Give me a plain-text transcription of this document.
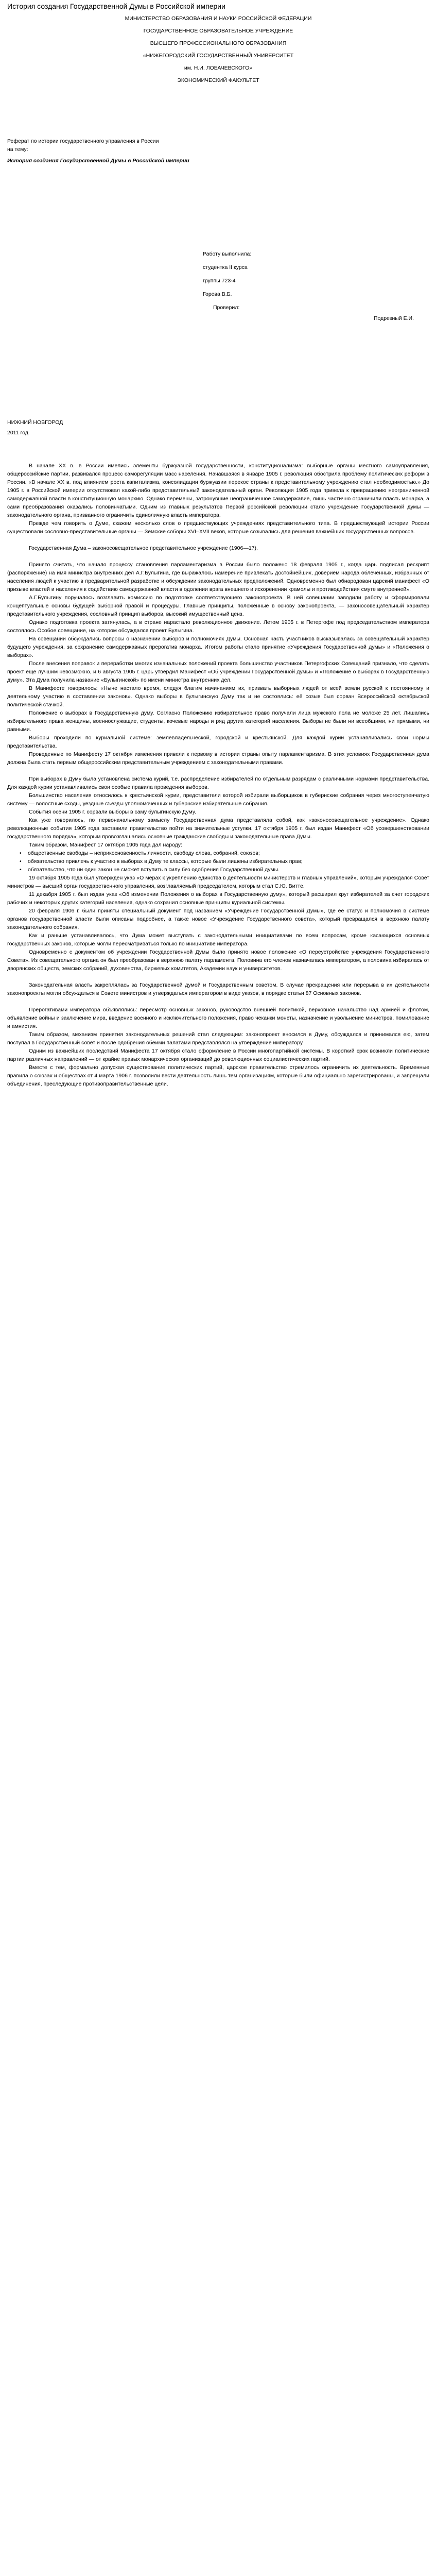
История создания Государственной Думы в Российской империи
МИНИСТЕРСТВО ОБРАЗОВАНИЯ И НАУКИ РОССИЙСКОЙ ФЕДЕРАЦИИ
ГОСУДАРСТВЕННОЕ ОБРАЗОВАТЕЛЬНОЕ УЧРЕЖДЕНИЕ
ВЫСШЕГО ПРОФЕССИОНАЛЬНОГО ОБРАЗОВАНИЯ
«НИЖЕГОРОДСКИЙ ГОСУДАРСТВЕННЫЙ УНИВЕРСИТЕТ
им. Н.И. ЛОБАЧЕВСКОГО»
ЭКОНОМИЧЕСКИЙ ФАКУЛЬТЕТ
Реферат по истории государственного управления в России
на тему:
История создания Государственной Думы в Российской империи
Работу выполнила:
студентка II курса
группы 723-4
Горева В.Б.
Проверил:
Подрезный Е.И.
НИЖНИЙ НОВГОРОД
2011 год

В начале XX в. в России имелись элементы буржуазной государственности, конституционализма: выборные органы местного самоуправления, общероссийские партии, развивался процесс саморегуляции масс населения. Начавшаяся в январе 1905 г. революция обострила проблему политических реформ в России. «В начале XX в. под влиянием роста капитализма, консолидации буржуазии перекос страны к представительному учреждению стал необходимостью.» До 1905 г. в Российской империи отсутствовал какой-либо представительный законодательный орган. Революция 1905 года привела к превращению неограниченной самодержавной власти в конституционную монархию. Однако перемены, затронувшие неограниченное самодержавие, лишь частично ограничили власть монарха, а сами преобразования оказались половинчатыми. Одним из главных результатов Первой российской революции стало учреждение Государственной думы — законодательного органа, призванного ограничить единоличную власть императора.

Прежде чем говорить о Думе, скажем несколько слов о предшествующих учреждениях представительного типа. В предшествующей истории России существовали сословно-представительные органы — Земские соборы XVI–XVII веков, которые созывались для решения важнейших государственных вопросов.

Государственная Дума – законосовещательное представительное учреждение (1906—17).

Принято считать, что начало процессу становления парламентаризма в России было положено 18 февраля 1905 г., когда царь подписал рескрипт (распоряжение) на имя министра внутренних дел А.Г.Булыгина, где выражалось намерение привлекать достойнейших, доверием народа облеченных, избранных от населения людей к участию в предварительной разработке и обсуждении законодательных предположений. Одновременно был обнародован царский манифест «О призыве властей и населения к содействию самодержавной власти в одолении врага внешнего и искоренении крамолы и противодействия смуте внутренней».

А.Г.Булыгину поручалось возглавить комиссию по подготовке соответствующего законопроекта. В ней совещании заводили работу и сформировали концептуальные основы будущей выборной правой и процедуры. Главные принципы, положенные в основу законопроекта, — законосовещательный характер представительного учреждения, сословный принцип выборов, высокий имущественный ценз.

Однако подготовка проекта затянулась, а в стране нарастало революционное движение. Летом 1905 г. в Петергофе под председательством императора состоялось Особое совещание, на котором обсуждался проект Булыгина.

На совещании обсуждались вопросы о назначении выборов и полномочиях Думы. Основная часть участников высказывалась за совещательный характер будущего учреждения, за сохранение самодержавных прерогатив монарха. Итогом работы стало принятие «Учреждения Государственной думы» и «Положения о выборах».

После внесения поправок и переработки многих изначальных положений проекта большинство участников Петергофских Совещаний признало, что сделать проект еще лучшим невозможно, и 6 августа 1905 г. царь утвердил Манифест «Об учреждении Государственной думы» и «Положение о выборах в Государственную думу». Эта Дума получила название «Булыгинской» по имени министра внутренних дел.

В Манифесте говорилось: «Ныне настало время, следуя благим начинаниям их, призвать выборных людей от всей земли русской к постоянному и деятельному участию в составлении законов». Однако выборы в булыгинскую Думу так и не состоялись: её созыв был сорван Всероссийской октябрьской политической стачкой.

Положение о выборах в Государственную думу. Согласно Положению избирательное право получали лица мужского пола не моложе 25 лет. Лишались избирательного права женщины, военнослужащие, студенты, кочевые народы и ряд других категорий населения. Выборы не были ни всеобщими, ни прямыми, ни равными.

Выборы проходили по куриальной системе: землевладельческой, городской и крестьянской. Для каждой курии устанавливались свои нормы представительства.

Проведенные по Манифесту 17 октября изменения привели к первому в истории страны опыту парламентаризма. В этих условиях Государственная дума должна была стать первым общероссийским представительным учреждением с законодательными правами.

При выборах в Думу была установлена система курий, т.е. распределение избирателей по отдельным разрядам с различными нормами представительства. Для каждой курии устанавливались свои особые правила проведения выборов.

Большинство населения относилось к крестьянской курии, представители которой избирали выборщиков в губернские собрания через многоступенчатую систему — волостные сходы, уездные съезды уполномоченных и губернские избирательные собрания.

События осени 1905 г. сорвали выборы в саму булыгинскую Думу.

Как уже говорилось, по первоначальному замыслу Государственная дума представляла собой, как «законосовещательное учреждение». Однако революционные события 1905 года заставили правительство пойти на значительные уступки. 17 октября 1905 г. был издан Манифест «Об усовершенствовании государственного порядка», которым провозглашались основные гражданские свободы и законодательные права Думы.

Таким образом, Манифест 17 октября 1905 года дал народу:

• общественные свободы – неприкосновенность личности, свободу слова, собраний, союзов;
• обязательство привлечь к участию в выборах в Думу те классы, которые были лишены избирательных прав;
• обязательство, что ни один закон не сможет вступить в силу без одобрения Государственной думы.

19 октября 1905 года был утвержден указ «О мерах к укреплению единства в деятельности министерств и главных управлений», которым учреждался Совет министров — высший орган государственного управления, возглавляемый председателем, которым стал С.Ю. Витте.

11 декабря 1905 г. был издан указ «Об изменении Положения о выборах в Государственную думу», который расширил круг избирателей за счет городских рабочих и некоторых других категорий населения, однако сохранил основные принципы куриальной системы.

20 февраля 1906 г. были приняты специальный документ под названием «Учреждение Государственной Думы», где ее статус и полномочия в системе органов государственной власти были описаны подробнее, а также новое «Учреждение Государственного совета», который превращался в верхнюю палату законодательного собрания.

Как и раньше устанавливалось, что Дума может выступать с законодательными инициативами по всем вопросам, кроме касающихся основных государственных законов, которые могли пересматриваться только по инициативе императора.

Одновременно с документом об учреждении Государственной Думы было принято новое положение «О переустройстве учреждения Государственного Совета». Из совещательного органа он был преобразован в верхнюю палату парламента. Половина его членов назначалась императором, а половина избиралась от дворянских обществ, земских собраний, духовенства, биржевых комитетов, Академии наук и университетов.

Законодательная власть закреплялась за Государственной думой и Государственным советом. В случае прекращения или перерыва в их деятельности законопроекты могли обсуждаться в Совете министров и утверждаться императором в виде указов, в порядке статьи 87 Основных законов.

Прерогативами императора объявлялись: пересмотр основных законов, руководство внешней политикой, верховное начальство над армией и флотом, объявление войны и заключение мира, введение военного и исключительного положения, право чеканки монеты, назначение и увольнение министров, помилование и амнистия.

Таким образом, механизм принятия законодательных решений стал следующим: законопроект вносился в Думу, обсуждался и принимался ею, затем поступал в Государственный совет и после одобрения обеими палатами представлялся на утверждение императору.

Одним из важнейших последствий Манифеста 17 октября стало оформление в России многопартийной системы. В короткий срок возникли политические партии различных направлений — от крайне правых монархических организаций до революционных социалистических партий.

Вместе с тем, формально допуская существование политических партий, царское правительство стремилось ограничить их деятельность. Временные правила о союзах и обществах от 4 марта 1906 г. позволили вести деятельность лишь тем организациям, которые были официально зарегистрированы, и запрещали объединения, преследующие противоправительственные цели.
